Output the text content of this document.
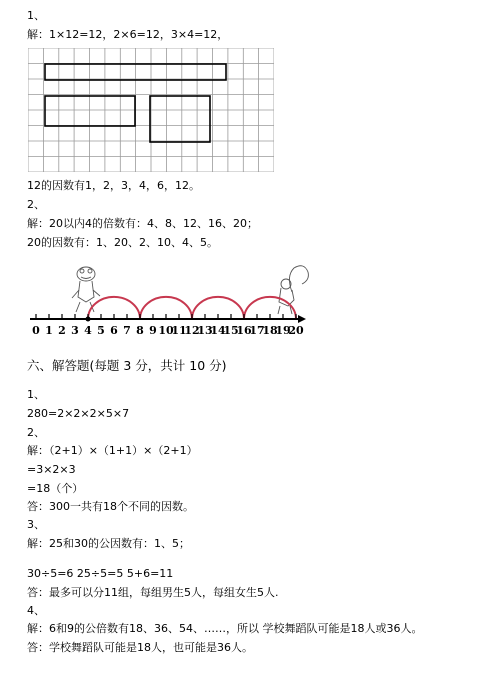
1、
解：1×12=12，2×6=12，3×4=12，
12的因数有1，2，3，4，6，12。
2、
解：20以内4的倍数有：4、8、12、16、20；
20的因数有：1、20、2、10、4、5。
0 1 2 3 4 5 6 7 8 9 10
11
12
13
14
15
16
17
18
19
20
六、解答题(每题 3 分，共计 10 分)
1、
280=2×2×2×5×7
2、
解：（2+1）×（1+1）×（2+1）
=3×2×3
=18（个）
答：300一共有18个不同的因数。
3、
解：25和30的公因数有：1、5；
30÷5=6 25÷5=5 5+6=11
答：最多可以分11组，每组男生5人，每组女生5人.
4、
解：6和9的公倍数有18、36、54、……，所以 学校舞蹈队可能是18人或36人。
答：学校舞蹈队可能是18人，也可能是36人。
